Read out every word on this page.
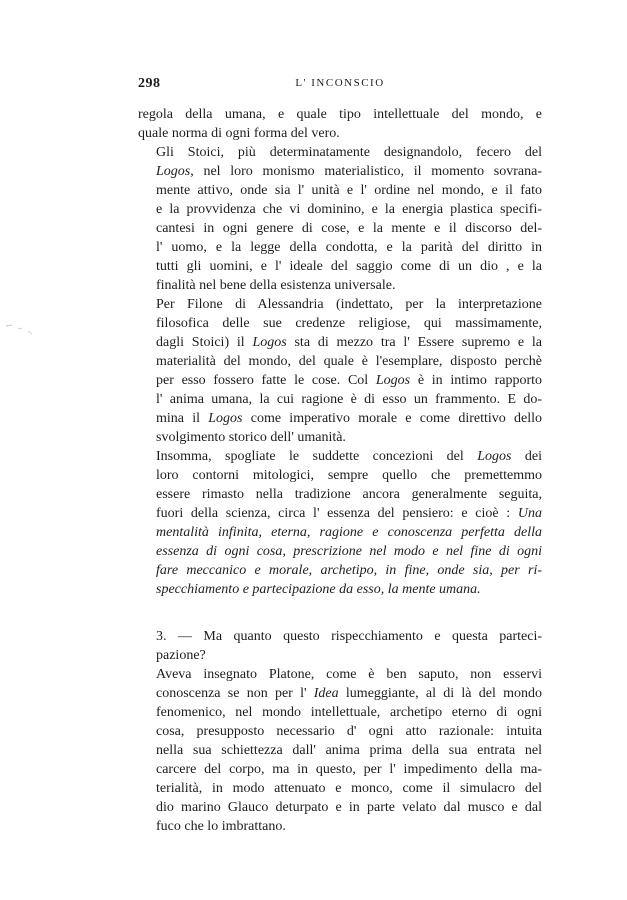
298	L' INCONSCIO

regola della umana, e quale tipo intellettuale del mondo, e
quale norma di ogni forma del vero.

Gli Stoici, più determinatamente designandolo, fecero del
Logos, nel loro monismo materialistico, il momento sovrana-
mente attivo, onde sia l' unità e l' ordine nel mondo, e il fato
e la provvidenza che vi dominino, e la energia plastica specifi-
cantesi in ogni genere di cose, e la mente e il discorso del-
l' uomo, e la legge della condotta, e la parità del diritto in
tutti gli uomini, e l' ideale del saggio come di un dio , e la
finalità nel bene della esistenza universale.

Per Filone di Alessandria (indettato, per la interpretazione
filosofica delle sue credenze religiose, qui massimamente,
dagli Stoici) il Logos sta di mezzo tra l' Essere supremo e la
materialità del mondo, del quale è l'esemplare, disposto perchè
per esso fossero fatte le cose. Col Logos è in intimo rapporto
l' anima umana, la cui ragione è di esso un frammento. E do-
mina il Logos come imperativo morale e come direttivo dello
svolgimento storico dell' umanità.

Insomma, spogliate le suddette concezioni del Logos dei
loro contorni mitologici, sempre quello che premettemmo
essere rimasto nella tradizione ancora generalmente seguita,
fuori della scienza, circa l' essenza del pensiero: e cioè : Una
mentalità infinita, eterna, ragione e conoscenza perfetta della
essenza di ogni cosa, prescrizione nel modo e nel fine di ogni
fare meccanico e morale, archetipo, in fine, onde sia, per ri-
specchiamento e partecipazione da esso, la mente umana.

3. — Ma quanto questo rispecchiamento e questa parteci-
pazione?

Aveva insegnato Platone, come è ben saputo, non esservi
conoscenza se non per l' Idea lumeggiante, al di là del mondo
fenomenico, nel mondo intellettuale, archetipo eterno di ogni
cosa, presupposto necessario d' ogni atto razionale: intuita
nella sua schiettezza dall' anima prima della sua entrata nel
carcere del corpo, ma in questo, per l' impedimento della ma-
terialità, in modo attenuato e monco, come il simulacro del
dio marino Glauco deturpato e in parte velato dal musco e dal
fuco che lo imbrattano.
